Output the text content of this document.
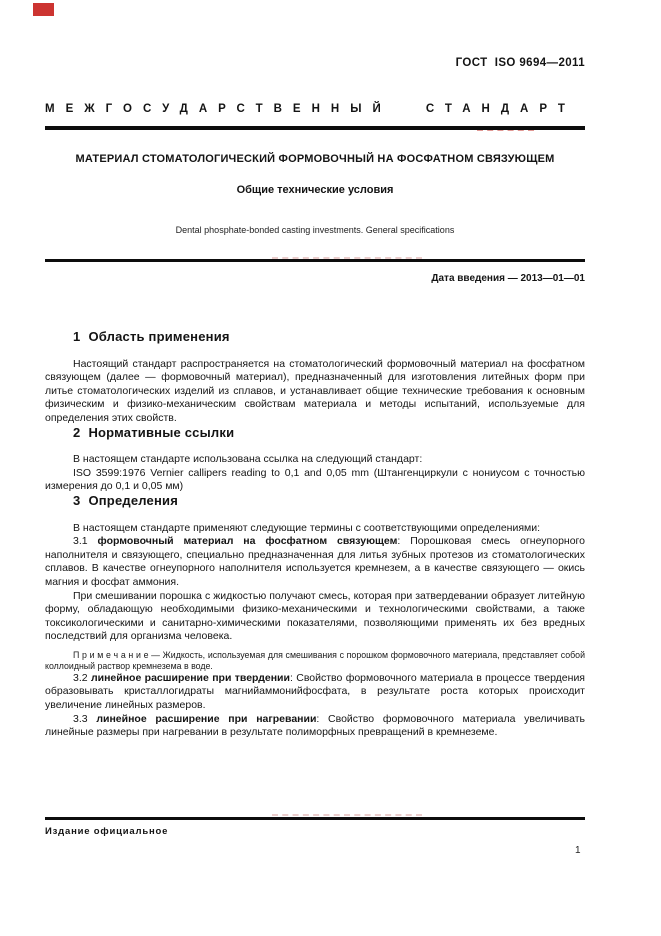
ГОСТ  ISO 9694—2011
МЕЖГОСУДАРСТВЕННЫЙ СТАНДАРТ
МАТЕРИАЛ СТОМАТОЛОГИЧЕСКИЙ ФОРМОВОЧНЫЙ НА ФОСФАТНОМ СВЯЗУЮЩЕМ
Общие технические условия
Dental phosphate-bonded casting investments. General specifications
Дата введения — 2013—01—01
1 Область применения

Настоящий стандарт распространяется на стоматологический формовочный материал на фосфатном связующем (далее — формовочный материал), предназначенный для изготовления литейных форм при литье стоматологических изделий из сплавов, и устанавливает общие технические требования к основным физическим и физико-механическим свойствам материала и методы испытаний, используемые для определения этих свойств.

2 Нормативные ссылки

В настоящем стандарте использована ссылка на следующий стандарт:

ISO 3599:1976 Vernier callipers reading to 0,1 and 0,05 mm (Штангенциркули с нониусом с точностью измерения до 0,1 и 0,05 мм)

3 Определения

В настоящем стандарте применяют следующие термины с соответствующими определениями:

3.1 формовочный материал на фосфатном связующем: Порошковая смесь огнеупорного наполнителя и связующего, специально предназначенная для литья зубных протезов из стоматологических сплавов. В качестве огнеупорного наполнителя используется кремнезем, а в качестве связующего — окись магния и фосфат аммония.

При смешивании порошка с жидкостью получают смесь, которая при затвердевании образует литейную форму, обладающую необходимыми физико-механическими и технологическими свойствами, а также токсикологическими и санитарно-химическими показателями, позволяющими применять их без вредных последствий для организма человека.

П р и м е ч а н и е — Жидкость, используемая для смешивания с порошком формовочного материала, представляет собой коллоидный раствор кремнезема в воде.

3.2 линейное расширение при твердении: Свойство формовочного материала в процессе твердения образовывать кристаллогидраты магнийаммонийфосфата, в результате роста которых происходит увеличение линейных размеров.

3.3 линейное расширение при нагревании: Свойство формовочного материала увеличивать линейные размеры при нагревании в результате полиморфных превращений в кремнеземе.

Издание официальное
1
